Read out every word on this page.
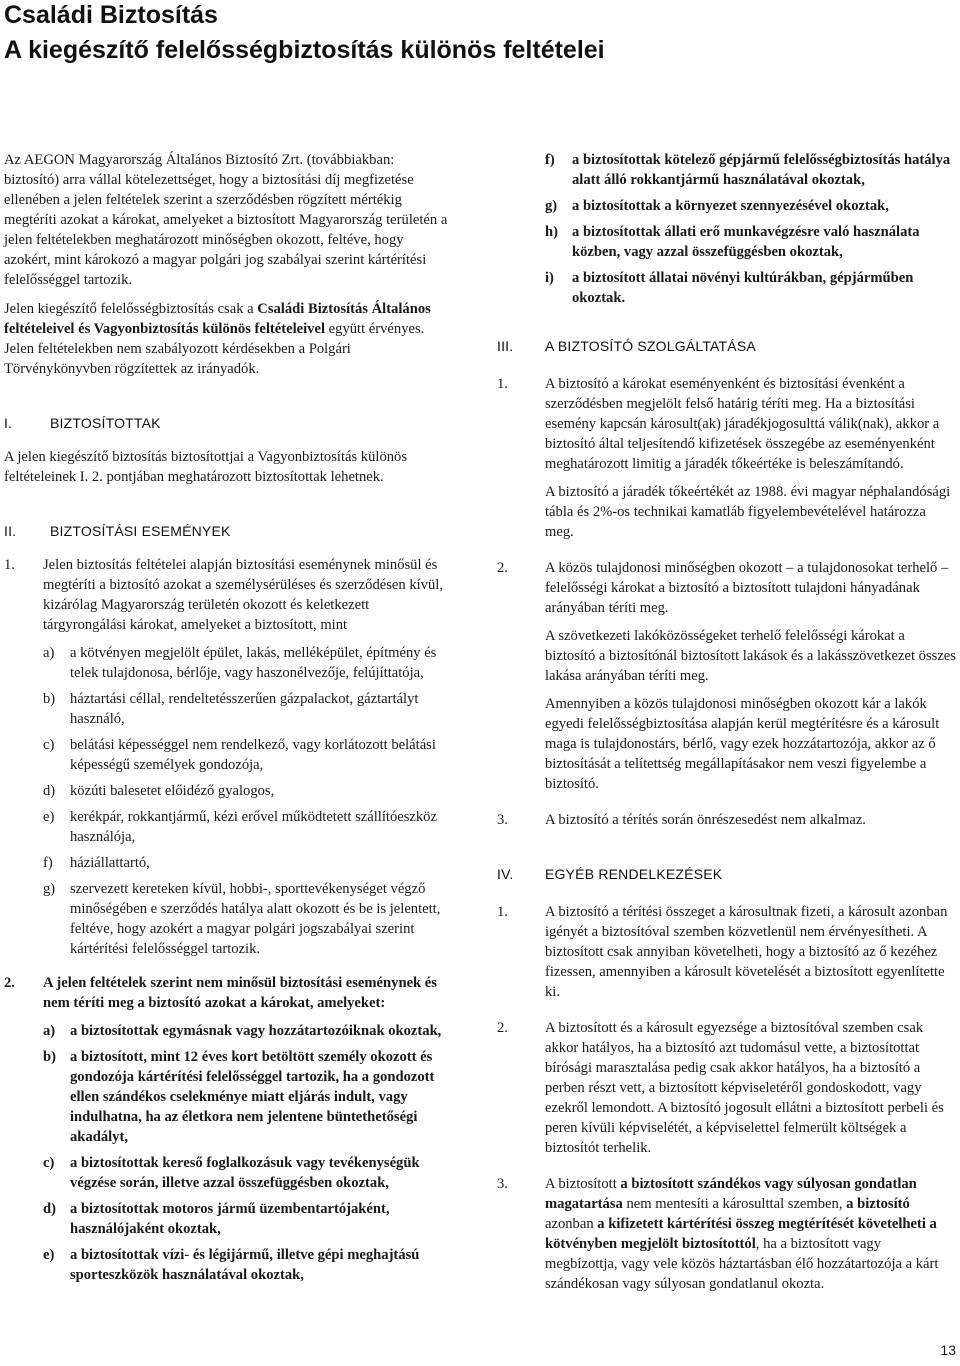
Családi Biztosítás
A kiegészítő felelősségbiztosítás különös feltételei

Az AEGON Magyarország Általános Biztosító Zrt. (továbbiakban: biztosító) arra vállal kötelezettséget, hogy a biztosítási díj megfizetése ellenében a jelen feltételek szerint a szerződésben rögzített mértékig megtéríti azokat a károkat, amelyeket a biztosított Magyarország területén a jelen feltételekben meghatározott minőségben okozott, feltéve, hogy azokért, mint károkozó a magyar polgári jog szabályai szerint kártérítési felelősséggel tartozik.

Jelen kiegészítő felelősségbiztosítás csak a Családi Biztosítás Általános feltételeivel és Vagyonbiztosítás különös feltételeivel együtt érvényes. Jelen feltételekben nem szabályozott kérdésekben a Polgári Törvénykönyvben rögzítettek az irányadók.

I.	BIZTOSÍTOTTAK

A jelen kiegészítő biztosítás biztosítottjai a Vagyonbiztosítás különös feltételeinek I. 2. pontjában meghatározott biztosítottak lehetnek.

II.	BIZTOSÍTÁSI ESEMÉNYEK
1.	Jelen biztosítás feltételei alapján biztosítási eseménynek minősül és megtéríti a biztosító azokat a személysérüléses és szerződésen kívül, kizárólag Magyarország területén okozott és keletkezett tárgyrongálási károkat, amelyeket a biztosított, mint
a)	a kötvényen megjelölt épület, lakás, melléképület, építmény és telek tulajdonosa, bérlője, vagy haszonélvezője, felújíttatója,
b)	háztartási céllal, rendeltetésszerűen gázpalackot, gáztartályt használó,
c)	belátási képességgel nem rendelkező, vagy korlátozott belátási képességű személyek gondozója,
d)	közúti balesetet előidéző gyalogos,
e)	kerékpár, rokkantjármű, kézi erővel működtetett szállítóeszköz használója,
f)	háziállattartó,
g)	szervezett kereteken kívül, hobbi-, sporttevékenységet végző minőségében e szerződés hatálya alatt okozott és be is jelentett, feltéve, hogy azokért a magyar polgári jogszabályai szerint kártérítési felelősséggel tartozik.
2.	A jelen feltételek szerint nem minősül biztosítási eseménynek és nem téríti meg a biztosító azokat a károkat, amelyeket:
a)	a biztosítottak egymásnak vagy hozzátartozóiknak okoztak,
b) a biztosított, mint 12 éves kort betöltött személy okozott és gondozója kártérítési felelősséggel tartozik, ha a gondozott ellen szándékos cselekménye miatt eljárás indult, vagy indulhatna, ha az életkora nem jelentene büntethetőségi akadályt,
c)	a biztosítottak kereső foglalkozásuk vagy tevékenységük végzése során, illetve azzal összefüggésben okoztak,
d) a biztosítottak motoros jármű üzembentartójaként, használójaként okoztak,
e)	a biztosítottak vízi- és légijármű, illetve gépi meghajtású sporteszközök használatával okoztak,
f)	a biztosítottak kötelező gépjármű felelősségbiztosítás hatálya alatt álló rokkantjármű használatával okoztak,
g)	a biztosítottak a környezet szennyezésével okoztak,
h) a biztosítottak állati erő munkavégzésre való használata közben, vagy azzal összefüggésben okoztak,
i)	a biztosított állatai növényi kultúrákban, gépjárműben okoztak.
III.	A BIZTOSÍTÓ SZOLGÁLTATÁSA
1.	A biztosító a károkat eseményenként és biztosítási évenként a szerződésben megjelölt felső határig téríti meg. Ha a biztosítási esemény kapcsán károsult(ak) járadékjogosulttá válik(nak), akkor a biztosító által teljesítendő kifizetések összegébe az eseményenként meghatározott limitig a járadék tőkeértéke is beleszámítandó.

A biztosító a járadék tőkeértékét az 1988. évi magyar néphalandósági tábla és 2%-os technikai kamatláb figyelembevételével határozza meg.

2.	A közös tulajdonosi minőségben okozott – a tulajdonosokat terhelő – felelősségi károkat a biztosító a biztosított tulajdoni hányadának arányában téríti meg.

A szövetkezeti lakóközösségeket terhelő felelősségi károkat a biztosító a biztosítónál biztosított lakások és a lakásszövetkezet összes lakása arányában téríti meg.

Amennyiben a közös tulajdonosi minőségben okozott kár a lakók egyedi felelősségbiztosítása alapján kerül megtérítésre és a károsult maga is tulajdonostárs, bérlő, vagy ezek hozzátartozója, akkor az ő biztosítását a telítettség megállapításakor nem veszi figyelembe a biztosító.

3.	A biztosító a térítés során önrészesedést nem alkalmaz.
IV.	EGYÉB RENDELKEZÉSEK
1.	A biztosító a térítési összeget a károsultnak fizeti, a károsult azonban igényét a biztosítóval szemben közvetlenül nem érvényesítheti. A biztosított csak annyiban követelheti, hogy a biztosító az ő kezéhez fizessen, amennyiben a károsult követelését a biztosított egyenlítette ki.
2.	A biztosított és a károsult egyezsége a biztosítóval szemben csak akkor hatályos, ha a biztosító azt tudomásul vette, a biztosítottat bírósági marasztalása pedig csak akkor hatályos, ha a biztosító a perben részt vett, a biztosított képviseletéről gondoskodott, vagy ezekről lemondott. A biztosító jogosult ellátni a biztosított perbeli és peren kívüli képviselétét, a képviselettel felmerült költségek a biztosítót terhelik.
3.	A biztosított a biztosított szándékos vagy súlyosan gondatlan magatartása nem mentesíti a károsulttal szemben, a biztosító azonban a kifizetett kártérítési összeg megtérítését követelheti a kötvényben megjelölt biztosítottól, ha a biztosított vagy megbízottja, vagy vele közös háztartásban élő hozzátartozója a kárt szándékosan vagy súlyosan gondatlanul okozta.
13
